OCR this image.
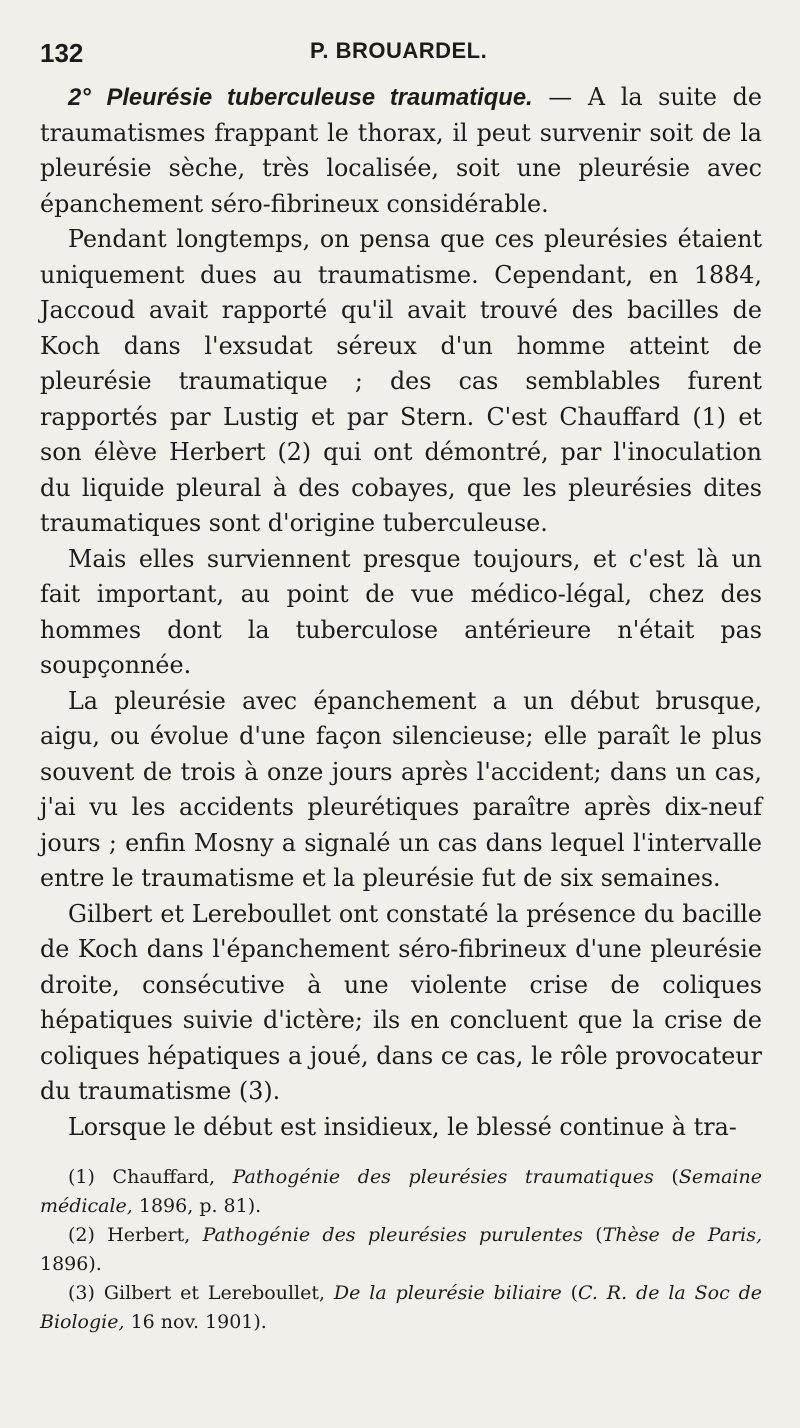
132	P. BROUARDEL.

2° Pleurésie tuberculeuse traumatique. — A la suite de traumatismes frappant le thorax, il peut survenir soit de la pleurésie sèche, très localisée, soit une pleurésie avec épanchement séro-fibrineux considérable.

Pendant longtemps, on pensa que ces pleurésies étaient uniquement dues au traumatisme. Cependant, en 1884, Jaccoud avait rapporté qu'il avait trouvé des bacilles de Koch dans l'exsudat séreux d'un homme atteint de pleurésie traumatique ; des cas semblables furent rapportés par Lustig et par Stern. C'est Chauffard (1) et son élève Herbert (2) qui ont démontré, par l'inoculation du liquide pleural à des cobayes, que les pleurésies dites traumatiques sont d'origine tuberculeuse.

Mais elles surviennent presque toujours, et c'est là un fait important, au point de vue médico-légal, chez des hommes dont la tuberculose antérieure n'était pas soupçonnée.

La pleurésie avec épanchement a un début brusque, aigu, ou évolue d'une façon silencieuse; elle paraît le plus souvent de trois à onze jours après l'accident; dans un cas, j'ai vu les accidents pleurétiques paraître après dix-neuf jours ; enfin Mosny a signalé un cas dans lequel l'intervalle entre le traumatisme et la pleurésie fut de six semaines.

Gilbert et Lereboullet ont constaté la présence du bacille de Koch dans l'épanchement séro-fibrineux d'une pleurésie droite, consécutive à une violente crise de coliques hépatiques suivie d'ictère; ils en concluent que la crise de coliques hépatiques a joué, dans ce cas, le rôle provocateur du traumatisme (3).

Lorsque le début est insidieux, le blessé continue à tra-

(1) Chauffard, Pathogénie des pleurésies traumatiques (Semaine médicale, 1896, p. 81).

(2) Herbert, Pathogénie des pleurésies purulentes (Thèse de Paris, 1896).

(3) Gilbert et Lereboullet, De la pleurésie biliaire (C. R. de la Soc de Biologie, 16 nov. 1901).
